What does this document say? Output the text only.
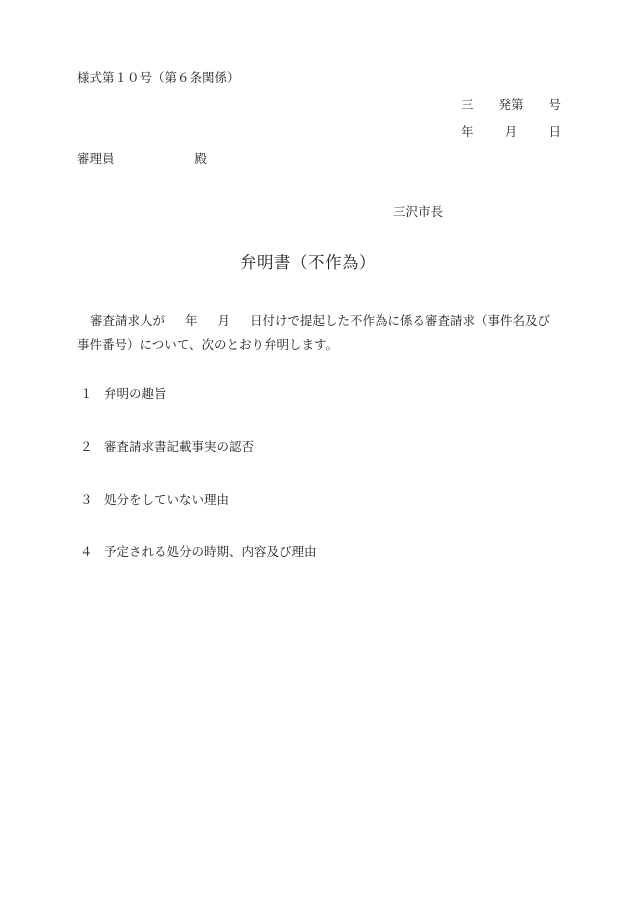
様式第１０号（第６条関係）
三 発第 号
年 月 日
審理員	殿
三沢市長
弁明書（不作為）

審査請求人が 年 月 日付けで提起した不作為に係る審査請求（事件名及び事件番号）について、次のとおり弁明します。

１ 弁明の趣旨
２ 審査請求書記載事実の認否
３ 処分をしていない理由
４ 予定される処分の時期、内容及び理由
